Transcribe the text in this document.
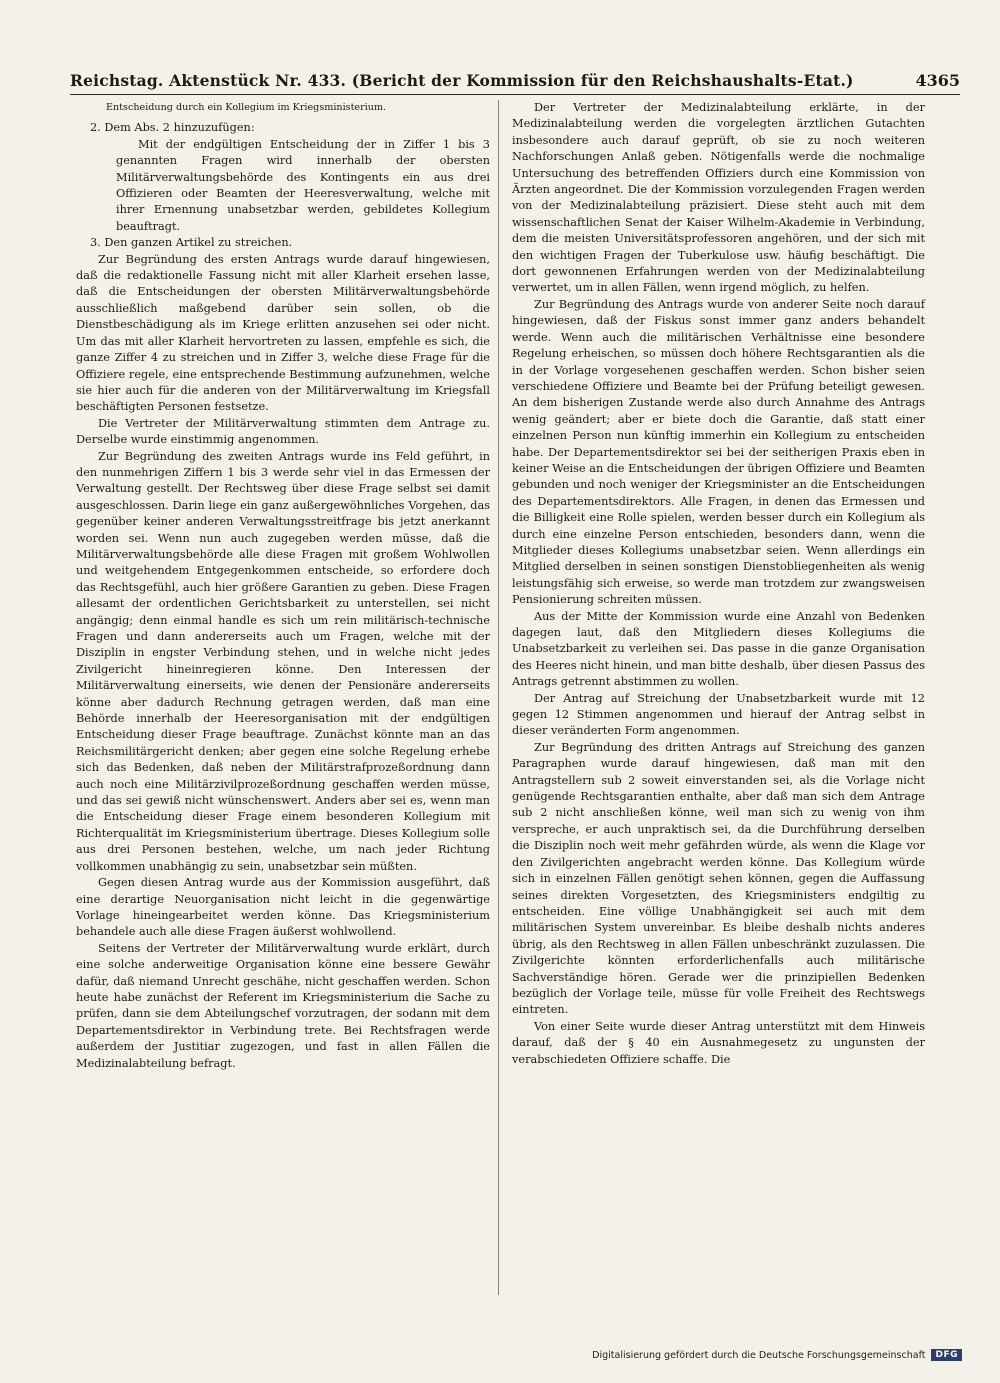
Reichstag. Aktenstück Nr. 433. (Bericht der Kommission für den Reichshaushalts-Etat.)	4365

Entscheidung durch ein Kollegium im Kriegsministerium.

2. Dem Abs. 2 hinzuzufügen:

Mit der endgültigen Entscheidung der in Ziffer 1 bis 3 genannten Fragen wird innerhalb der obersten Militärverwaltungsbehörde des Kontingents ein aus drei Offizieren oder Beamten der Heeresverwaltung, welche mit ihrer Ernennung unabsetzbar werden, gebildetes Kollegium beauftragt.

3. Den ganzen Artikel zu streichen.

Zur Begründung des ersten Antrags wurde darauf hingewiesen, daß die redaktionelle Fassung nicht mit aller Klarheit ersehen lasse, daß die Entscheidungen der obersten Militärverwaltungsbehörde ausschließlich maßgebend darüber sein sollen, ob die Dienstbeschädigung als im Kriege erlitten anzusehen sei oder nicht. Um das mit aller Klarheit hervortreten zu lassen, empfehle es sich, die ganze Ziffer 4 zu streichen und in Ziffer 3, welche diese Frage für die Offiziere regele, eine entsprechende Bestimmung aufzunehmen, welche sie hier auch für die anderen von der Militärverwaltung im Kriegsfall beschäftigten Personen festsetze.

Die Vertreter der Militärverwaltung stimmten dem Antrage zu. Derselbe wurde einstimmig angenommen.

Zur Begründung des zweiten Antrags wurde ins Feld geführt, in den nunmehrigen Ziffern 1 bis 3 werde sehr viel in das Ermessen der Verwaltung gestellt. Der Rechtsweg über diese Frage selbst sei damit ausgeschlossen. Darin liege ein ganz außergewöhnliches Vorgehen, das gegenüber keiner anderen Verwaltungsstreitfrage bis jetzt anerkannt worden sei. Wenn nun auch zugegeben werden müsse, daß die Militärverwaltungsbehörde alle diese Fragen mit großem Wohlwollen und weitgehendem Entgegenkommen entscheide, so erfordere doch das Rechtsgefühl, auch hier größere Garantien zu geben. Diese Fragen allesamt der ordentlichen Gerichtsbarkeit zu unterstellen, sei nicht angängig; denn einmal handle es sich um rein militärisch-technische Fragen und dann andererseits auch um Fragen, welche mit der Disziplin in engster Verbindung stehen, und in welche nicht jedes Zivilgericht hineinregieren könne. Den Interessen der Militärverwaltung einerseits, wie denen der Pensionäre andererseits könne aber dadurch Rechnung getragen werden, daß man eine Behörde innerhalb der Heeresorganisation mit der endgültigen Entscheidung dieser Frage beauftrage. Zunächst könnte man an das Reichsmilitärgericht denken; aber gegen eine solche Regelung erhebe sich das Bedenken, daß neben der Militärstrafprozeßordnung dann auch noch eine Militärzivilprozeßordnung geschaffen werden müsse, und das sei gewiß nicht wünschenswert. Anders aber sei es, wenn man die Entscheidung dieser Frage einem besonderen Kollegium mit Richterqualität im Kriegsministerium übertrage. Dieses Kollegium solle aus drei Personen bestehen, welche, um nach jeder Richtung vollkommen unabhängig zu sein, unabsetzbar sein müßten.

Gegen diesen Antrag wurde aus der Kommission ausgeführt, daß eine derartige Neuorganisation nicht leicht in die gegenwärtige Vorlage hineingearbeitet werden könne. Das Kriegsministerium behandele auch alle diese Fragen äußerst wohlwollend.

Seitens der Vertreter der Militärverwaltung wurde erklärt, durch eine solche anderweitige Organisation könne eine bessere Gewähr dafür, daß niemand Unrecht geschähe, nicht geschaffen werden. Schon heute habe zunächst der Referent im Kriegsministerium die Sache zu prüfen, dann sie dem Abteilungschef vorzutragen, der sodann mit dem Departementsdirektor in Verbindung trete. Bei Rechtsfragen werde außerdem der Justitiar zugezogen, und fast in allen Fällen die Medizinalabteilung befragt.

Der Vertreter der Medizinalabteilung erklärte, in der Medizinalabteilung werden die vorgelegten ärztlichen Gutachten insbesondere auch darauf geprüft, ob sie zu noch weiteren Nachforschungen Anlaß geben. Nötigenfalls werde die nochmalige Untersuchung des betreffenden Offiziers durch eine Kommission von Ärzten angeordnet. Die der Kommission vorzulegenden Fragen werden von der Medizinalabteilung präzisiert. Diese steht auch mit dem wissenschaftlichen Senat der Kaiser Wilhelm-Akademie in Verbindung, dem die meisten Universitätsprofessoren angehören, und der sich mit den wichtigen Fragen der Tuberkulose usw. häufig beschäftigt. Die dort gewonnenen Erfahrungen werden von der Medizinalabteilung verwertet, um in allen Fällen, wenn irgend möglich, zu helfen.

Zur Begründung des Antrags wurde von anderer Seite noch darauf hingewiesen, daß der Fiskus sonst immer ganz anders behandelt werde. Wenn auch die militärischen Verhältnisse eine besondere Regelung erheischen, so müssen doch höhere Rechtsgarantien als die in der Vorlage vorgesehenen geschaffen werden. Schon bisher seien verschiedene Offiziere und Beamte bei der Prüfung beteiligt gewesen. An dem bisherigen Zustande werde also durch Annahme des Antrags wenig geändert; aber er biete doch die Garantie, daß statt einer einzelnen Person nun künftig immerhin ein Kollegium zu entscheiden habe. Der Departementsdirektor sei bei der seitherigen Praxis eben in keiner Weise an die Entscheidungen der übrigen Offiziere und Beamten gebunden und noch weniger der Kriegsminister an die Entscheidungen des Departementsdirektors. Alle Fragen, in denen das Ermessen und die Billigkeit eine Rolle spielen, werden besser durch ein Kollegium als durch eine einzelne Person entschieden, besonders dann, wenn die Mitglieder dieses Kollegiums unabsetzbar seien. Wenn allerdings ein Mitglied derselben in seinen sonstigen Dienstobliegenheiten als wenig leistungsfähig sich erweise, so werde man trotzdem zur zwangsweisen Pensionierung schreiten müssen.

Aus der Mitte der Kommission wurde eine Anzahl von Bedenken dagegen laut, daß den Mitgliedern dieses Kollegiums die Unabsetzbarkeit zu verleihen sei. Das passe in die ganze Organisation des Heeres nicht hinein, und man bitte deshalb, über diesen Passus des Antrags getrennt abstimmen zu wollen.

Der Antrag auf Streichung der Unabsetzbarkeit wurde mit 12 gegen 12 Stimmen angenommen und hierauf der Antrag selbst in dieser veränderten Form angenommen.

Zur Begründung des dritten Antrags auf Streichung des ganzen Paragraphen wurde darauf hingewiesen, daß man mit den Antragstellern sub 2 soweit einverstanden sei, als die Vorlage nicht genügende Rechtsgarantien enthalte, aber daß man sich dem Antrage sub 2 nicht anschließen könne, weil man sich zu wenig von ihm verspreche, er auch unpraktisch sei, da die Durchführung derselben die Disziplin noch weit mehr gefährden würde, als wenn die Klage vor den Zivilgerichten angebracht werden könne. Das Kollegium würde sich in einzelnen Fällen genötigt sehen können, gegen die Auffassung seines direkten Vorgesetzten, des Kriegsministers endgiltig zu entscheiden. Eine völlige Unabhängigkeit sei auch mit dem militärischen System unvereinbar. Es bleibe deshalb nichts anderes übrig, als den Rechtsweg in allen Fällen unbeschränkt zuzulassen. Die Zivilgerichte könnten erforderlichenfalls auch militärische Sachverständige hören. Gerade wer die prinzipiellen Bedenken bezüglich der Vorlage teile, müsse für volle Freiheit des Rechtswegs eintreten.

Von einer Seite wurde dieser Antrag unterstützt mit dem Hinweis darauf, daß der § 40 ein Ausnahmegesetz zu ungunsten der verabschiedeten Offiziere schaffe. Die

Digitalisierung gefördert durch die Deutsche Forschungsgemeinschaft	DFG
